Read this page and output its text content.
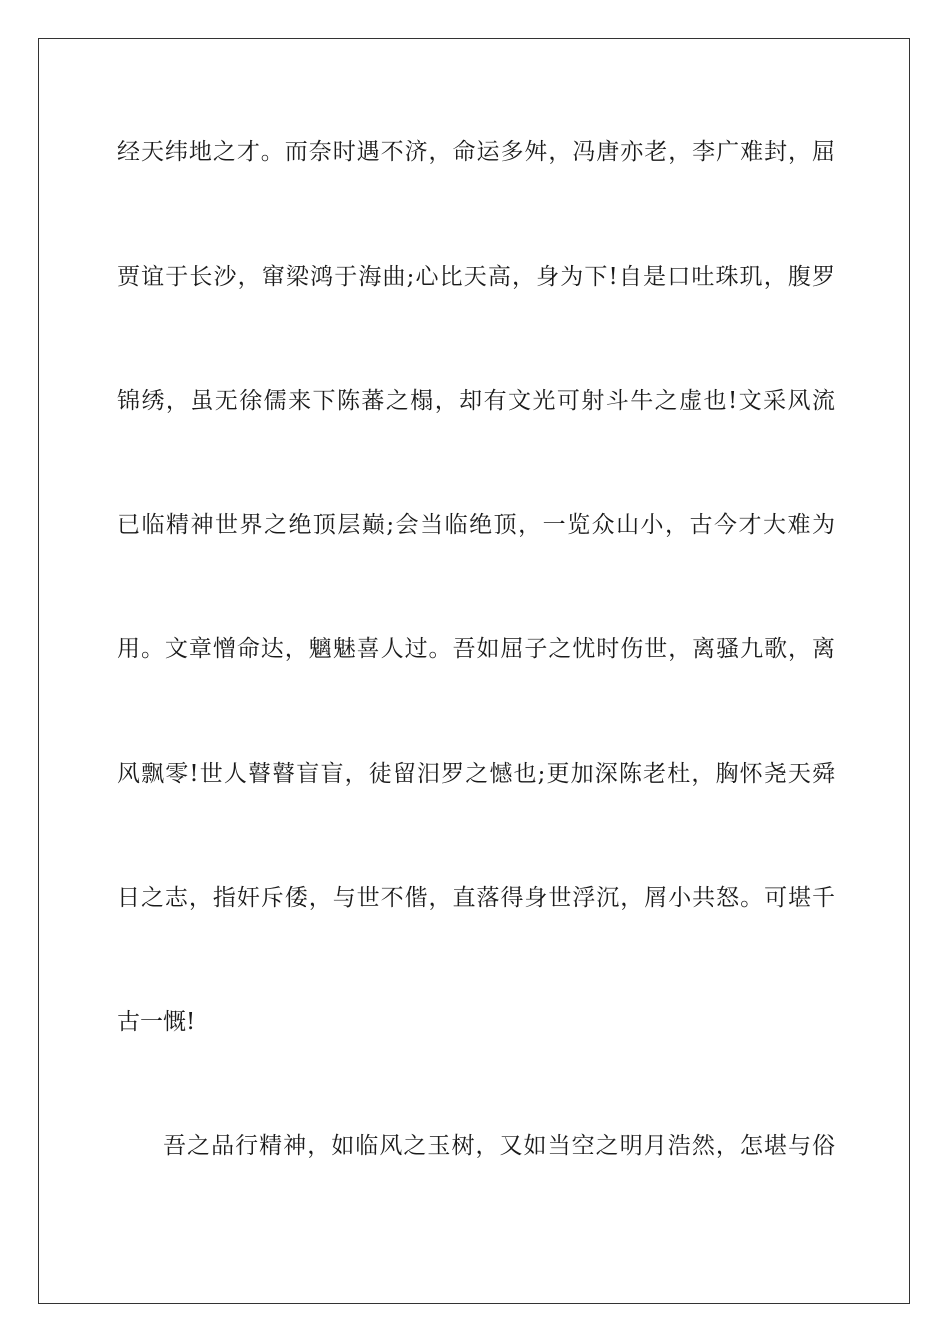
经天纬地之才。而奈时遇不济，命运多舛，冯唐亦老，李广难封，屈
贾谊于长沙，窜梁鸿于海曲;心比天高，身为下!自是口吐珠玑，腹罗
锦绣，虽无徐儒来下陈蕃之榻，却有文光可射斗牛之虚也!文采风流
已临精神世界之绝顶层巅;会当临绝顶，一览众山小，古今才大难为
用。文章憎命达，魑魅喜人过。吾如屈子之忧时伤世，离骚九歌，离
风飘零!世人瞽瞽盲盲，徒留汨罗之憾也;更加深陈老杜，胸怀尧天舜
日之志，指奸斥倭，与世不偕，直落得身世浮沉，屑小共怒。可堪千
古一慨!
吾之品行精神，如临风之玉树，又如当空之明月浩然，怎堪与俗
